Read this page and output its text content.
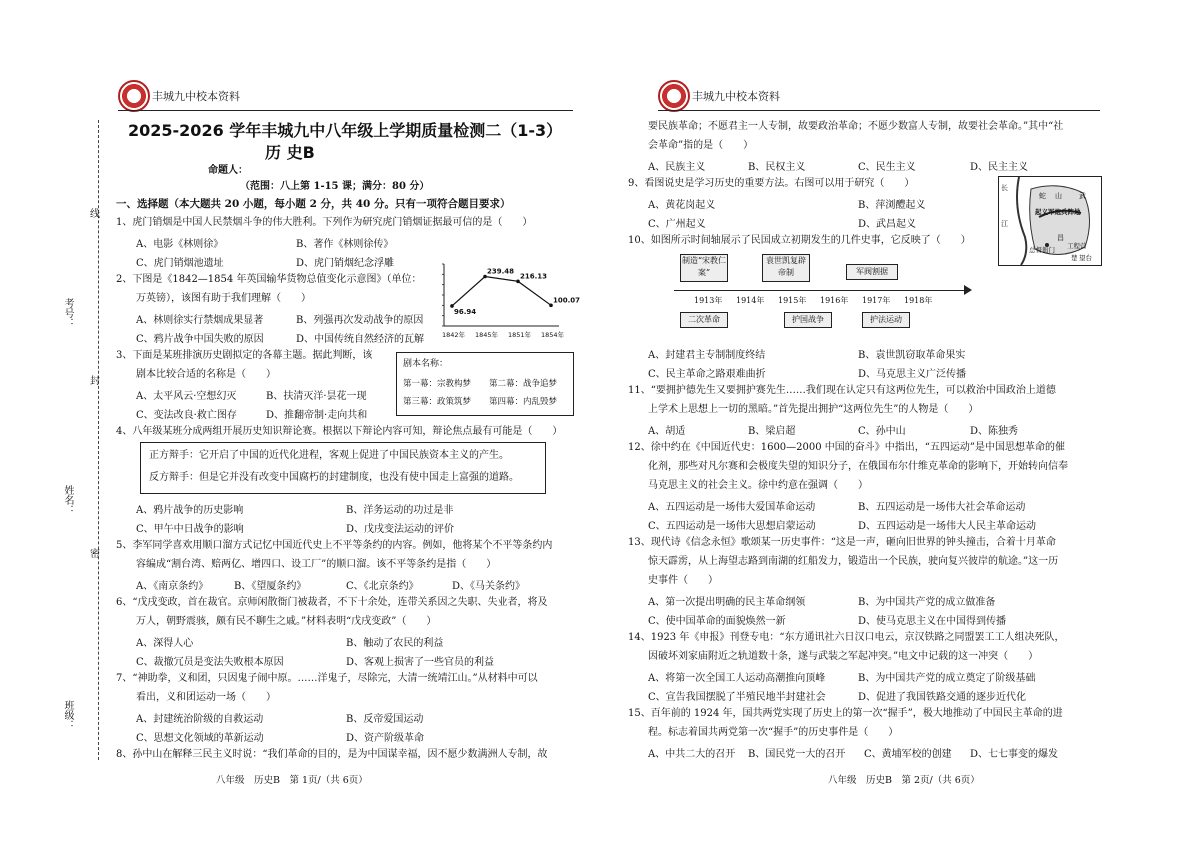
丰城九中校本资料
线
封
密
考号：
姓名：
班级：
2025-2026 学年丰城九中八年级上学期质量检测二（1-3）
历 史B
命题人：
（范围：八上第 1-15 课；满分：80 分）
一、选择题（本大题共 20 小题，每小题 2 分，共 40 分。只有一项符合题目要求）
1、虎门销烟是中国人民禁烟斗争的伟大胜利。下列作为研究虎门销烟证据最可信的是（　　）
A、电影《林则徐》	B、著作《林则徐传》
C、虎门销烟池遗址	D、虎门销烟纪念浮雕
2、下图是《1842—1854 年英国输华货物总值变化示意图》（单位：
万英镑），该图有助于我们理解（　　）
A、林则徐实行禁烟成果显著	B、列强再次发动战争的原因
C、鸦片战争中国失败的原因	D、中国传统自然经济的瓦解
96.94
1842年
239.48
1845年
216.13
1851年
100.07
1854年
3、下面是某班排演历史剧拟定的各幕主题。据此判断，该
剧本比较合适的名称是（　　）
A、太平风云·空想幻灭	B、扶清灭洋·昙花一现
C、变法改良·救亡图存	D、推翻帝制·走向共和
剧本名称：
第一幕：宗教构梦 第二幕：战争追梦
第三幕：政策筑梦 第四幕：内乱毁梦
4、八年级某班分成两组开展历史知识辩论赛。根据以下辩论内容可知，辩论焦点最有可能是（　　）
正方辩手：它开启了中国的近代化进程，客观上促进了中国民族资本主义的产生。
反方辩手：但是它并没有改变中国腐朽的封建制度，也没有使中国走上富强的道路。
A、鸦片战争的历史影响	B、洋务运动的功过是非
C、甲午中日战争的影响	D、戊戌变法运动的评价
5、李军同学喜欢用顺口溜方式记忆中国近代史上不平等条约的内容。例如，他将某个不平等条约内
容编成“割台湾、赔两亿、增四口、设工厂”的顺口溜。该不平等条约是指（　　）
A、《南京条约》	B、《望厦条约》	C、《北京条约》	D、《马关条约》
6、“戊戌变政，首在裁官。京师闲散衙门被裁者，不下十余处，连带关系因之失职、失业者，将及
万人，朝野震骇，颇有民不聊生之戚。”材料表明“戊戌变政”（　　）
A、深得人心	B、触动了农民的利益
C、裁撤冗员是变法失败根本原因	D、客观上损害了一些官员的利益
7、“神助拳，义和团，只因鬼子闹中原。……洋鬼子，尽除完，大清一统靖江山。”从材料中可以
看出，义和团运动一场（　　）
A、封建统治阶级的自救运动	B、反帝爱国运动
C、思想文化领域的革新运动	D、资产阶级革命
8、孙中山在解释三民主义时说：“我们革命的目的，是为中国谋幸福，因不愿少数满洲人专制，故
八年级　历史B　第 1页/（共 6页）
丰城九中校本资料
要民族革命；不愿君主一人专制，故要政治革命；不愿少数富人专制，故要社会革命。”其中“社
会革命”指的是（　　）
A、民族主义	B、民权主义	C、民生主义	D、民主主义
9、看图说史是学习历史的重要方法。右图可以用于研究（　　）
A、黄花岗起义	B、萍浏醴起义
C、广州起义	D、武昌起义
长
江
蛇 山 武
昌
起义军炮兵阵地
工程营
总督衙门
楚 望台
10、如图所示时间轴展示了民国成立初期发生的几件史事，它反映了（　　）
制造“宋教仁案”
袁世凯复辟帝制	军阀割据
1913年 1914年 1915年 1916年 1917年 1918年
二次革命	护国战争	护法运动
A、封建君主专制制度终结	B、袁世凯窃取革命果实
C、民主革命之路艰难曲折	D、马克思主义广泛传播
11、“要拥护德先生又要拥护赛先生……我们现在认定只有这两位先生，可以救治中国政治上道德
上学术上思想上一切的黑暗。”首先提出拥护“这两位先生”的人物是（　　）
A、胡适	B、梁启超	C、孙中山	D、陈独秀
12、徐中约在《中国近代史：1600—2000 中国的奋斗》中指出，“五四运动”是中国思想革命的催
化剂，那些对凡尔赛和会极度失望的知识分子，在俄国布尔什维克革命的影响下，开始转向信奉
马克思主义的社会主义。徐中约意在强调（　　）
A、五四运动是一场伟大爱国革命运动	B、五四运动是一场伟大社会革命运动
C、五四运动是一场伟大思想启蒙运动	D、五四运动是一场伟大人民主革命运动
13、现代诗《信念永恒》歌颂某一历史事件：“这是一声，砸向旧世界的钟头撞击，合着十月革命
惊天霹雳，从上海望志路到南湖的红船发力，锻造出一个民族，驶向复兴彼岸的航途。”这一历
史事件（　　）
A、第一次提出明确的民主革命纲领	B、为中国共产党的成立做准备
C、使中国革命的面貌焕然一新	D、使马克思主义在中国得到传播
14、1923 年《申报》刊登专电：“东方通讯社六日汉口电云，京汉铁路之同盟罢工工人组决死队，
因破坏刘家庙附近之轨道数十条，遂与武装之军起冲突。”电文中记载的这一冲突（　　）
A、将第一次全国工人运动高潮推向顶峰	B、为中国共产党的成立奠定了阶级基础
C、宣告我国摆脱了半殖民地半封建社会	D、促进了我国铁路交通的逐步近代化
15、百年前的 1924 年，国共两党实现了历史上的第一次“握手”，极大地推动了中国民主革命的进
程。标志着国共两党第一次“握手”的历史事件是（　　）
A、中共二大的召开 B、国民党一大的召开 C、黄埔军校的创建 D、七七事变的爆发
八年级　历史B　第 2页/（共 6页）
